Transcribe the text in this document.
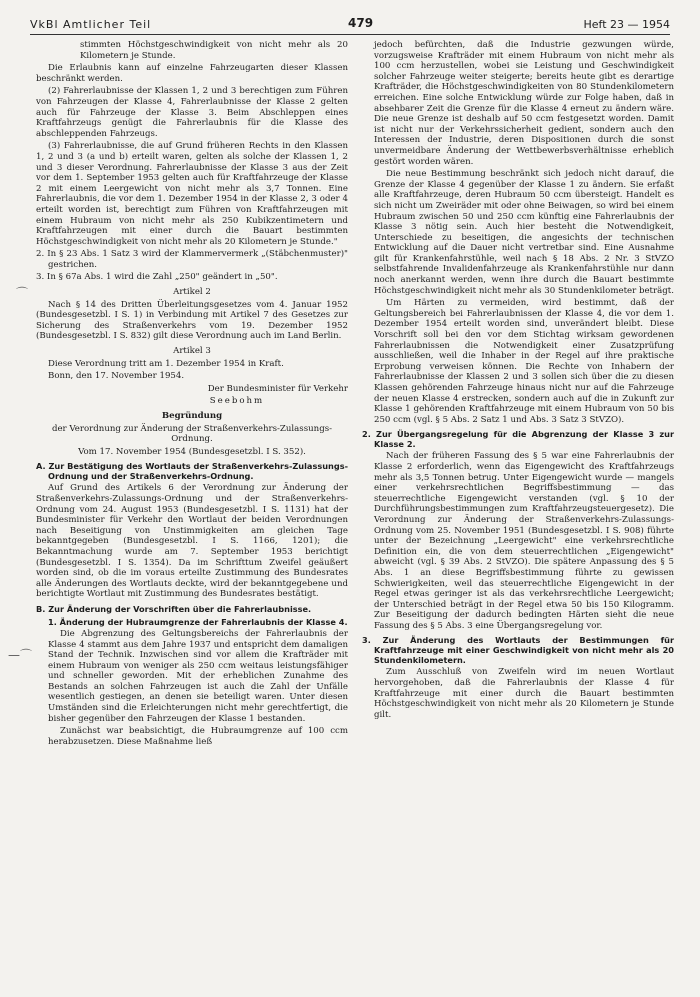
VkBl Amtlicher Teil	479	Heft 23 — 1954
⌒
—⌒

stimmten Höchstgeschwindigkeit von nicht mehr als 20 Kilometern je Stunde.

Die Erlaubnis kann auf einzelne Fahrzeugarten dieser Klassen beschränkt werden.

(2) Fahrerlaubnisse der Klassen 1, 2 und 3 berechtigen zum Führen von Fahrzeugen der Klasse 4, Fahrerlaubnisse der Klasse 2 gelten auch für Fahrzeuge der Klasse 3. Beim Abschleppen eines Kraftfahrzeugs genügt die Fahrerlaubnis für die Klasse des abschleppenden Fahrzeugs.

(3) Fahrerlaubnisse, die auf Grund früheren Rechts in den Klassen 1, 2 und 3 (a und b) erteilt waren, gelten als solche der Klassen 1, 2 und 3 dieser Verordnung. Fahrerlaubnisse der Klasse 3 aus der Zeit vor dem 1. September 1953 gelten auch für Kraftfahrzeuge der Klasse 2 mit einem Leergewicht von nicht mehr als 3,7 Tonnen. Eine Fahrerlaubnis, die vor dem 1. Dezember 1954 in der Klasse 2, 3 oder 4 erteilt worden ist, berechtigt zum Führen von Kraftfahrzeugen mit einem Hubraum von nicht mehr als 250 Kubikzentimetern und Kraftfahrzeugen mit einer durch die Bauart bestimmten Höchstgeschwindigkeit von nicht mehr als 20 Kilometern je Stunde."

2. In § 23 Abs. 1 Satz 3 wird der Klammervermerk „(Stäbchenmuster)" gestrichen.

3. In § 67a Abs. 1 wird die Zahl „250" geändert in „50".

Artikel 2

Nach § 14 des Dritten Überleitungsgesetzes vom 4. Januar 1952 (Bundesgesetzbl. I S. 1) in Verbindung mit Artikel 7 des Gesetzes zur Sicherung des Straßenverkehrs vom 19. Dezember 1952 (Bundesgesetzbl. I S. 832) gilt diese Verordnung auch im Land Berlin.

Artikel 3

Diese Verordnung tritt am 1. Dezember 1954 in Kraft.

Bonn, den 17. November 1954.

Der Bundesminister für Verkehr

Seebohm

Begründung

der Verordnung zur Änderung der Straßenverkehrs-Zulassungs-Ordnung.

Vom 17. November 1954 (Bundesgesetzbl. I S. 352).

A. Zur Bestätigung des Wortlauts der Straßenverkehrs-Zulassungs-Ordnung und der Straßenverkehrs-Ordnung.

Auf Grund des Artikels 6 der Verordnung zur Änderung der Straßenverkehrs-Zulassungs-Ordnung und der Straßenverkehrs-Ordnung vom 24. August 1953 (Bundesgesetzbl. I S. 1131) hat der Bundesminister für Verkehr den Wortlaut der beiden Verordnungen nach Beseitigung von Unstimmigkeiten am gleichen Tage bekanntgegeben (Bundesgesetzbl. I S. 1166, 1201); die Bekanntmachung wurde am 7. September 1953 berichtigt (Bundesgesetzbl. I S. 1354). Da im Schrifttum Zweifel geäußert worden sind, ob die im voraus erteilte Zustimmung des Bundesrates alle Änderungen des Wortlauts deckte, wird der bekanntgegebene und berichtigte Wortlaut mit Zustimmung des Bundesrates bestätigt.

B. Zur Änderung der Vorschriften über die Fahrerlaubnisse.
1. Änderung der Hubraumgrenze der Fahrerlaubnis der Klasse 4.

Die Abgrenzung des Geltungsbereichs der Fahrerlaubnis der Klasse 4 stammt aus dem Jahre 1937 und entspricht dem damaligen Stand der Technik. Inzwischen sind vor allem die Krafträder mit einem Hubraum von weniger als 250 ccm weitaus leistungsfähiger und schneller geworden. Mit der erheblichen Zunahme des Bestands an solchen Fahrzeugen ist auch die Zahl der Unfälle wesentlich gestiegen, an denen sie beteiligt waren. Unter diesen Umständen sind die Erleichterungen nicht mehr gerechtfertigt, die bisher gegenüber den Fahrzeugen der Klasse 1 bestanden.

Zunächst war beabsichtigt, die Hubraumgrenze auf 100 ccm herabzusetzen. Diese Maßnahme ließ

jedoch befürchten, daß die Industrie gezwungen würde, vorzugsweise Krafträder mit einem Hubraum von nicht mehr als 100 ccm herzustellen, wobei sie Leistung und Geschwindigkeit solcher Fahrzeuge weiter steigerte; bereits heute gibt es derartige Krafträder, die Höchstgeschwindigkeiten von 80 Stundenkilometern erreichen. Eine solche Entwicklung würde zur Folge haben, daß in absehbarer Zeit die Grenze für die Klasse 4 erneut zu ändern wäre. Die neue Grenze ist deshalb auf 50 ccm festgesetzt worden. Damit ist nicht nur der Verkehrssicherheit gedient, sondern auch den Interessen der Industrie, deren Dispositionen durch die sonst unvermeidbare Änderung der Wettbewerbsverhältnisse erheblich gestört worden wären.

Die neue Bestimmung beschränkt sich jedoch nicht darauf, die Grenze der Klasse 4 gegenüber der Klasse 1 zu ändern. Sie erfaßt alle Kraftfahrzeuge, deren Hubraum 50 ccm übersteigt. Handelt es sich nicht um Zweiräder mit oder ohne Beiwagen, so wird bei einem Hubraum zwischen 50 und 250 ccm künftig eine Fahrerlaubnis der Klasse 3 nötig sein. Auch hier besteht die Notwendigkeit, Unterschiede zu beseitigen, die angesichts der technischen Entwicklung auf die Dauer nicht vertretbar sind. Eine Ausnahme gilt für Krankenfahrstühle, weil nach § 18 Abs. 2 Nr. 3 StVZO selbstfahrende Invalidenfahrzeuge als Krankenfahrstühle nur dann noch anerkannt werden, wenn ihre durch die Bauart bestimmte Höchstgeschwindigkeit nicht mehr als 30 Stundenkilometer beträgt.

Um Härten zu vermeiden, wird bestimmt, daß der Geltungsbereich bei Fahrerlaubnissen der Klasse 4, die vor dem 1. Dezember 1954 erteilt worden sind, unverändert bleibt. Diese Vorschrift soll bei den vor dem Stichtag wirksam gewordenen Fahrerlaubnissen die Notwendigkeit einer Zusatzprüfung ausschließen, weil die Inhaber in der Regel auf ihre praktische Erprobung verweisen können. Die Rechte von Inhabern der Fahrerlaubnisse der Klassen 2 und 3 sollen sich über die zu diesen Klassen gehörenden Fahrzeuge hinaus nicht nur auf die Fahrzeuge der neuen Klasse 4 erstrecken, sondern auch auf die in Zukunft zur Klasse 1 gehörenden Kraftfahrzeuge mit einem Hubraum von 50 bis 250 ccm (vgl. § 5 Abs. 2 Satz 1 und Abs. 3 Satz 3 StVZO).

2. Zur Übergangsregelung für die Abgrenzung der Klasse 3 zur Klasse 2.

Nach der früheren Fassung des § 5 war eine Fahrerlaubnis der Klasse 2 erforderlich, wenn das Eigengewicht des Kraftfahrzeugs mehr als 3,5 Tonnen betrug. Unter Eigengewicht wurde — mangels einer verkehrsrechtlichen Begriffsbestimmung — das steuerrechtliche Eigengewicht verstanden (vgl. § 10 der Durchführungsbestimmungen zum Kraftfahrzeugsteuergesetz). Die Verordnung zur Änderung der Straßenverkehrs-Zulassungs-Ordnung vom 25. November 1951 (Bundesgesetzbl. I S. 908) führte unter der Bezeichnung „Leergewicht" eine verkehrsrechtliche Definition ein, die von dem steuerrechtlichen „Eigengewicht" abweicht (vgl. § 39 Abs. 2 StVZO). Die spätere Anpassung des § 5 Abs. 1 an diese Begriffsbestimmung führte zu gewissen Schwierigkeiten, weil das steuerrechtliche Eigengewicht in der Regel etwas geringer ist als das verkehrsrechtliche Leergewicht; der Unterschied beträgt in der Regel etwa 50 bis 150 Kilogramm. Zur Beseitigung der dadurch bedingten Härten sieht die neue Fassung des § 5 Abs. 3 eine Übergangsregelung vor.

3. Zur Änderung des Wortlauts der Bestimmungen für Kraftfahrzeuge mit einer Geschwindigkeit von nicht mehr als 20 Stundenkilometern.

Zum Ausschluß von Zweifeln wird im neuen Wortlaut hervorgehoben, daß die Fahrerlaubnis der Klasse 4 für Kraftfahrzeuge mit einer durch die Bauart bestimmten Höchstgeschwindigkeit von nicht mehr als 20 Kilometern je Stunde gilt.
